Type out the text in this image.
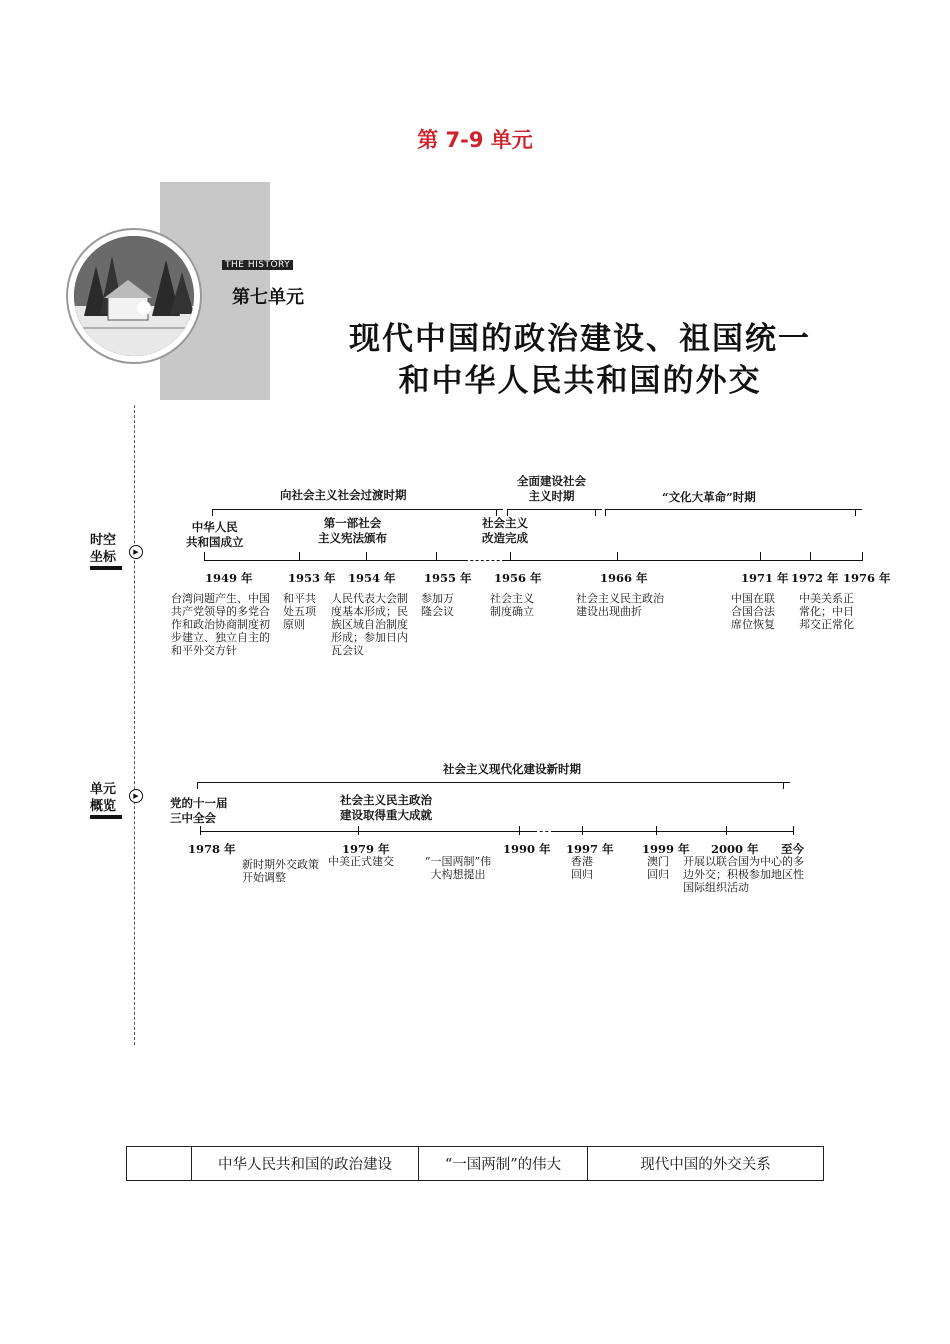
第 7-9 单元
THE HISTORY
第七单元
现代中国的政治建设、祖国统一
和中华人民共和国的外交
时空
坐标	▶
单元
概览
▶
向社会主义社会过渡时期
全面建设社会
主义时期	“文化大革命”时期
中华人民
共和国成立
第一部社会
主义宪法颁布
社会主义
改造完成
1949 年	1953 年 1954 年 1955 年 1956 年	1966 年	1971 年 1972 年 1976 年
台湾问题产生、中国共产党领导的多党合作和政治协商制度初步建立、独立自主的和平外交方针
和平共处五项原则
人民代表大会制度基本形成；民族区域自治制度形成；参加日内瓦会议
参加万隆会议
社会主义制度确立
社会主义民主政治建设出现曲折
中国在联合国合法席位恢复
中美关系正常化；中日邦交正常化
社会主义现代化建设新时期
党的十一届
三中全会
社会主义民主政治
建设取得重大成就
1978 年	1979 年	1990 年 1997 年 1999 年 2000 年 至今
新时期外交政策开始调整
中美正式建交	“一国两制”伟大构想提出
香港回归
澳门回归
开展以联合国为中心的多边外交；积极参加地区性国际组织活动
	中华人民共和国的政治建设	“一国两制”的伟大	现代中国的外交关系
